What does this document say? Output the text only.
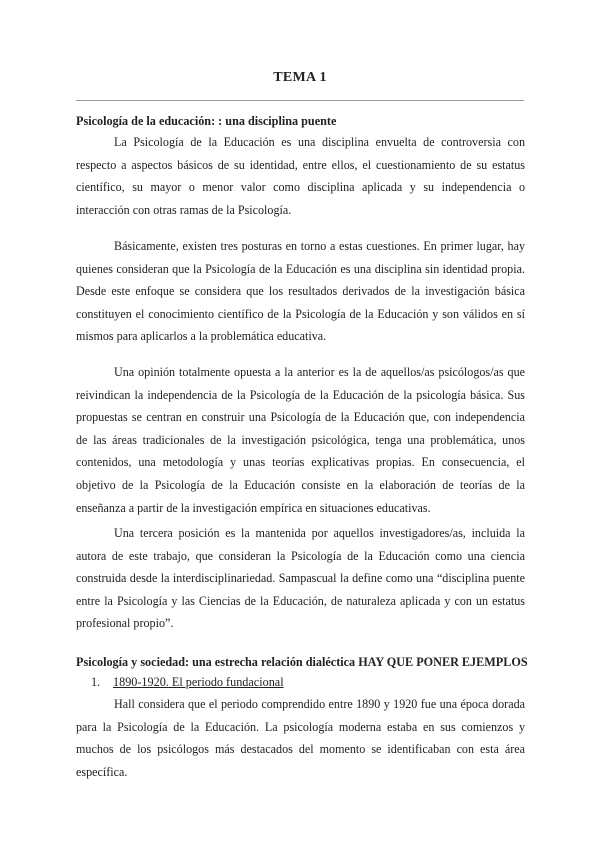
TEMA 1
Psicología de la educación: : una disciplina puente

La Psicología de la Educación es una disciplina envuelta de controversia con respecto a aspectos básicos de su identidad, entre ellos, el cuestionamiento de su estatus científico, su mayor o menor valor como disciplina aplicada y su independencia o interacción con otras ramas de la Psicología.

Básicamente, existen tres posturas en torno a estas cuestiones. En primer lugar, hay quienes consideran que la Psicología de la Educación es una disciplina sin identidad propia. Desde este enfoque se considera que los resultados derivados de la investigación básica constituyen el conocimiento científico de la Psicología de la Educación y son válidos en sí mismos para aplicarlos a la problemática educativa.

Una opinión totalmente opuesta a la anterior es la de aquellos/as psicólogos/as que reivindican la independencia de la Psicología de la Educación de la psicología básica. Sus propuestas se centran en construir una Psicología de la Educación que, con independencia de las áreas tradicionales de la investigación psicológica, tenga una problemática, unos contenidos, una metodología y unas teorías explicativas propias. En consecuencia, el objetivo de la Psicología de la Educación consiste en la elaboración de teorías de la enseñanza a partir de la investigación empírica en situaciones educativas.

Una tercera posición es la mantenida por aquellos investigadores/as, incluida la autora de este trabajo, que consideran la Psicología de la Educación como una ciencia construida desde la interdisciplinariedad. Sampascual la define como una “disciplina puente entre la Psicología y las Ciencias de la Educación, de naturaleza aplicada y con un estatus profesional propio”.

Psicología y sociedad: una estrecha relación dialéctica HAY QUE PONER EJEMPLOS
1. 1890-1920. El periodo fundacional

Hall considera que el periodo comprendido entre 1890 y 1920 fue una época dorada para la Psicología de la Educación. La psicología moderna estaba en sus comienzos y muchos de los psicólogos más destacados del momento se identificaban con esta área específica.
